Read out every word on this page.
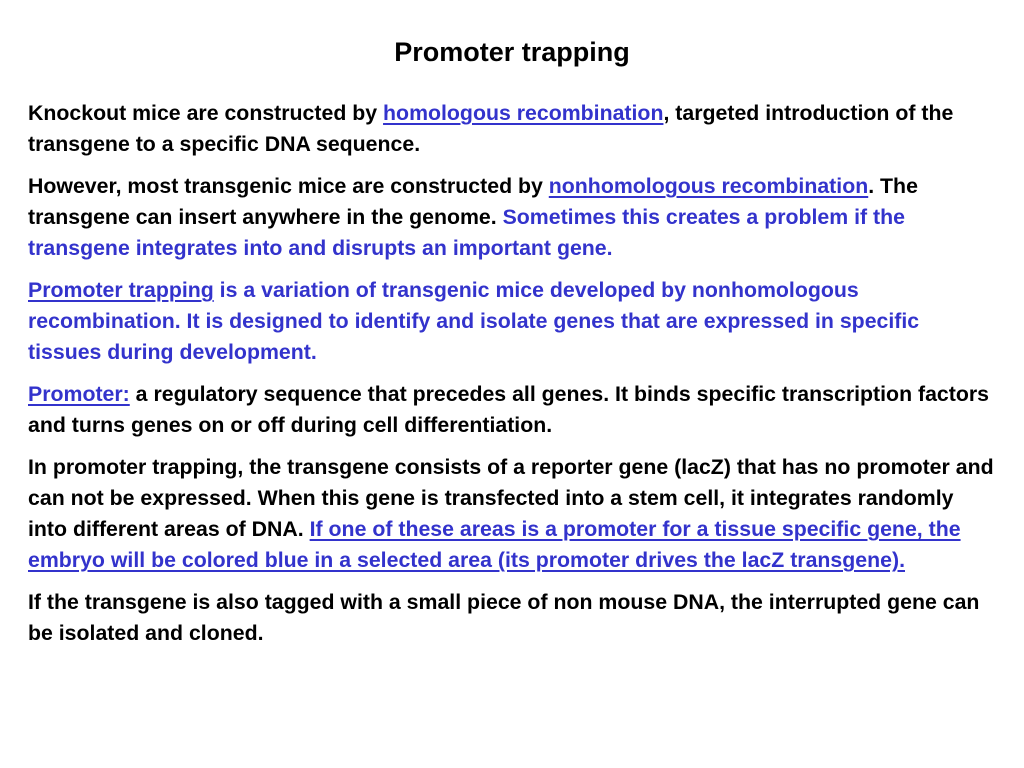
Promoter trapping

Knockout mice are constructed by homologous recombination, targeted introduction of the transgene to a specific DNA sequence.

However, most transgenic mice are constructed by nonhomologous recombination. The transgene can insert anywhere in the genome. Sometimes this creates a problem if the transgene integrates into and disrupts an important gene.

Promoter trapping is a variation of transgenic mice developed by nonhomologous recombination. It is designed to identify and isolate genes that are expressed in specific tissues during development.

Promoter: a regulatory sequence that precedes all genes. It binds specific transcription factors and turns genes on or off during cell differentiation.

In promoter trapping, the transgene consists of a reporter gene (lacZ) that has no promoter and can not be expressed. When this gene is transfected into a stem cell, it integrates randomly into different areas of DNA. If one of these areas is a promoter for a tissue specific gene, the embryo will be colored blue in a selected area (its promoter drives the lacZ transgene).

If the transgene is also tagged with a small piece of non mouse DNA, the interrupted gene can be isolated and cloned.
